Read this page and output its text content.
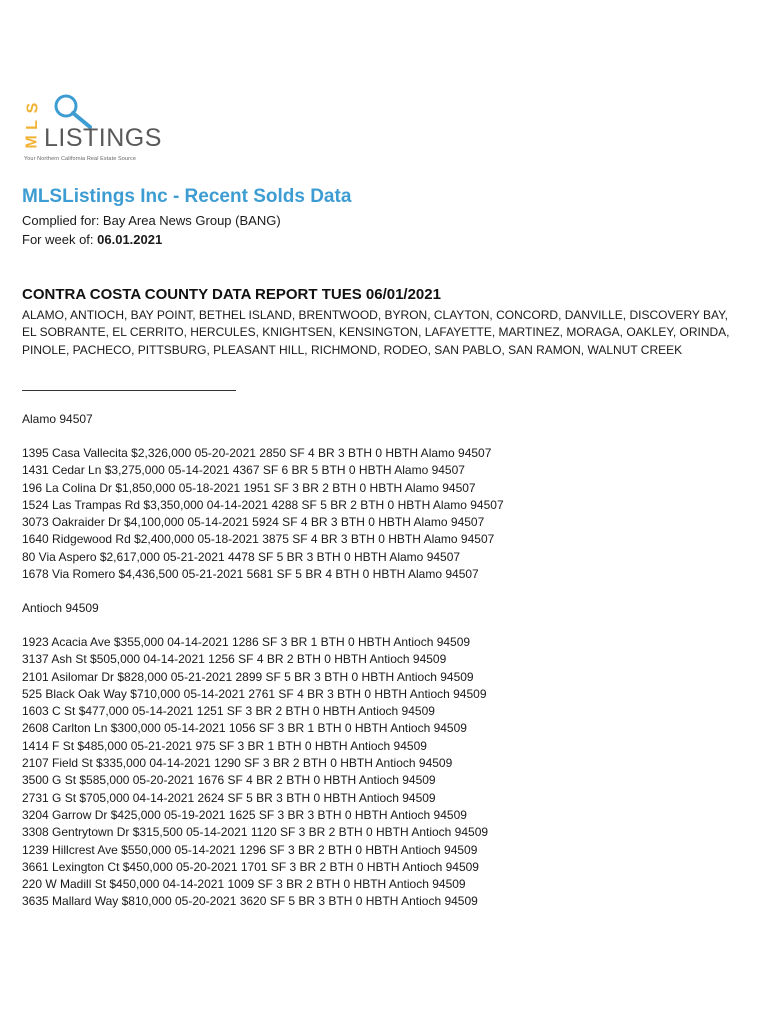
S
L
M LISTINGS
Your Northern California Real Estate Source
MLSListings Inc - Recent Solds Data
Complied for: Bay Area News Group (BANG)
For week of: 06.01.2021
CONTRA COSTA COUNTY DATA REPORT TUES 06/01/2021
ALAMO, ANTIOCH, BAY POINT, BETHEL ISLAND, BRENTWOOD, BYRON, CLAYTON, CONCORD, DANVILLE, DISCOVERY BAY, EL SOBRANTE, EL CERRITO, HERCULES, KNIGHTSEN, KENSINGTON, LAFAYETTE, MARTINEZ, MORAGA, OAKLEY, ORINDA, PINOLE, PACHECO, PITTSBURG, PLEASANT HILL, RICHMOND, RODEO, SAN PABLO, SAN RAMON, WALNUT CREEK
Alamo 94507
1395 Casa Vallecita $2,326,000 05-20-2021 2850 SF 4 BR 3 BTH 0 HBTH Alamo 94507
1431 Cedar Ln $3,275,000 05-14-2021 4367 SF 6 BR 5 BTH 0 HBTH Alamo 94507
196 La Colina Dr $1,850,000 05-18-2021 1951 SF 3 BR 2 BTH 0 HBTH Alamo 94507
1524 Las Trampas Rd $3,350,000 04-14-2021 4288 SF 5 BR 2 BTH 0 HBTH Alamo 94507
3073 Oakraider Dr $4,100,000 05-14-2021 5924 SF 4 BR 3 BTH 0 HBTH Alamo 94507
1640 Ridgewood Rd $2,400,000 05-18-2021 3875 SF 4 BR 3 BTH 0 HBTH Alamo 94507
80 Via Aspero $2,617,000 05-21-2021 4478 SF 5 BR 3 BTH 0 HBTH Alamo 94507
1678 Via Romero $4,436,500 05-21-2021 5681 SF 5 BR 4 BTH 0 HBTH Alamo 94507
Antioch 94509
1923 Acacia Ave $355,000 04-14-2021 1286 SF 3 BR 1 BTH 0 HBTH Antioch 94509
3137 Ash St $505,000 04-14-2021 1256 SF 4 BR 2 BTH 0 HBTH Antioch 94509
2101 Asilomar Dr $828,000 05-21-2021 2899 SF 5 BR 3 BTH 0 HBTH Antioch 94509
525 Black Oak Way $710,000 05-14-2021 2761 SF 4 BR 3 BTH 0 HBTH Antioch 94509
1603 C St $477,000 05-14-2021 1251 SF 3 BR 2 BTH 0 HBTH Antioch 94509
2608 Carlton Ln $300,000 05-14-2021 1056 SF 3 BR 1 BTH 0 HBTH Antioch 94509
1414 F St $485,000 05-21-2021 975 SF 3 BR 1 BTH 0 HBTH Antioch 94509
2107 Field St $335,000 04-14-2021 1290 SF 3 BR 2 BTH 0 HBTH Antioch 94509
3500 G St $585,000 05-20-2021 1676 SF 4 BR 2 BTH 0 HBTH Antioch 94509
2731 G St $705,000 04-14-2021 2624 SF 5 BR 3 BTH 0 HBTH Antioch 94509
3204 Garrow Dr $425,000 05-19-2021 1625 SF 3 BR 3 BTH 0 HBTH Antioch 94509
3308 Gentrytown Dr $315,500 05-14-2021 1120 SF 3 BR 2 BTH 0 HBTH Antioch 94509
1239 Hillcrest Ave $550,000 05-14-2021 1296 SF 3 BR 2 BTH 0 HBTH Antioch 94509
3661 Lexington Ct $450,000 05-20-2021 1701 SF 3 BR 2 BTH 0 HBTH Antioch 94509
220 W Madill St $450,000 04-14-2021 1009 SF 3 BR 2 BTH 0 HBTH Antioch 94509
3635 Mallard Way $810,000 05-20-2021 3620 SF 5 BR 3 BTH 0 HBTH Antioch 94509
